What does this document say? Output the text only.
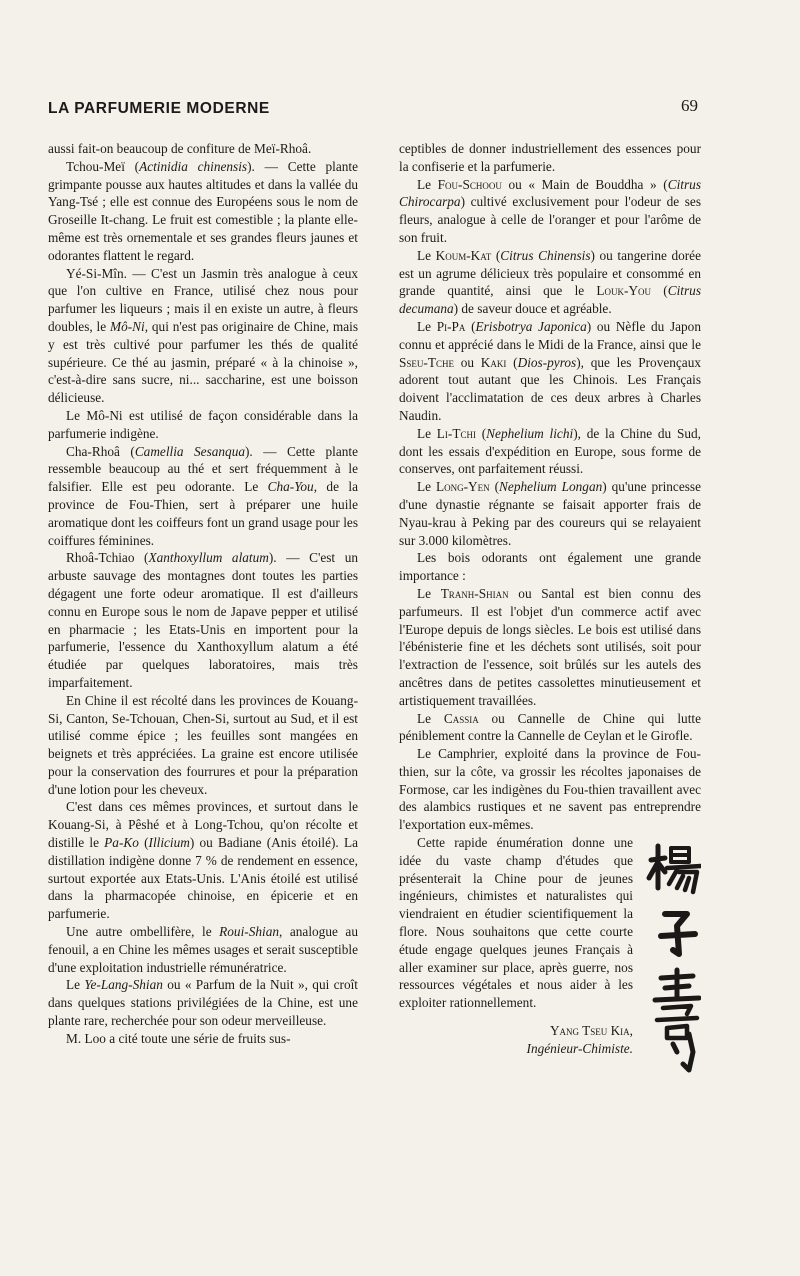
LA PARFUMERIE MODERNE	69

aussi fait-on beaucoup de confiture de Meï-Rhoâ.

Tchou-Meï (Actinidia chinensis). — Cette plante grimpante pousse aux hautes altitudes et dans la vallée du Yang-Tsé ; elle est connue des Européens sous le nom de Groseille It-chang. Le fruit est comestible ; la plante elle-même est très ornementale et ses grandes fleurs jaunes et odorantes flattent le regard.

Yé-Si-Mîn. — C'est un Jasmin très analogue à ceux que l'on cultive en France, utilisé chez nous pour parfumer les liqueurs ; mais il en existe un autre, à fleurs doubles, le Mô-Ni, qui n'est pas originaire de Chine, mais y est très cultivé pour parfumer les thés de qualité supérieure. Ce thé au jasmin, préparé « à la chinoise », c'est-à-dire sans sucre, ni... saccharine, est une boisson délicieuse.

Le Mô-Ni est utilisé de façon considérable dans la parfumerie indigène.

Cha-Rhoâ (Camellia Sesanqua). — Cette plante ressemble beaucoup au thé et sert fréquemment à le falsifier. Elle est peu odorante. Le Cha-You, de la province de Fou-Thien, sert à préparer une huile aromatique dont les coiffeurs font un grand usage pour les coiffures féminines.

Rhoâ-Tchiao (Xanthoxyllum alatum). — C'est un arbuste sauvage des montagnes dont toutes les parties dégagent une forte odeur aromatique. Il est d'ailleurs connu en Europe sous le nom de Japave pepper et utilisé en pharmacie ; les Etats-Unis en importent pour la parfumerie, l'essence du Xanthoxyllum alatum a été étudiée par quelques laboratoires, mais très imparfaitement.

En Chine il est récolté dans les provinces de Kouang-Si, Canton, Se-Tchouan, Chen-Si, surtout au Sud, et il est utilisé comme épice ; les feuilles sont mangées en beignets et très appréciées. La graine est encore utilisée pour la conservation des fourrures et pour la préparation d'une lotion pour les cheveux.

C'est dans ces mêmes provinces, et surtout dans le Kouang-Si, à Pêshé et à Long-Tchou, qu'on récolte et distille le Pa-Ko (Illicium) ou Badiane (Anis étoilé). La distillation indigène donne 7 % de rendement en essence, surtout exportée aux Etats-Unis. L'Anis étoilé est utilisé dans la pharmacopée chinoise, en épicerie et en parfumerie.

Une autre ombellifère, le Roui-Shian, analogue au fenouil, a en Chine les mêmes usages et serait susceptible d'une exploitation industrielle rémunératrice.

Le Ye-Lang-Shian ou « Parfum de la Nuit », qui croît dans quelques stations privilégiées de la Chine, est une plante rare, recherchée pour son odeur merveilleuse.

M. Loo a cité toute une série de fruits sus-

ceptibles de donner industriellement des essences pour la confiserie et la parfumerie.

Le Fou-Schoou ou « Main de Bouddha » (Citrus Chirocarpa) cultivé exclusivement pour l'odeur de ses fleurs, analogue à celle de l'oranger et pour l'arôme de son fruit.

Le Koum-Kat (Citrus Chinensis) ou tangerine dorée est un agrume délicieux très populaire et consommé en grande quantité, ainsi que le Louk-You (Citrus decumana) de saveur douce et agréable.

Le Pi-Pa (Erisbotrya Japonica) ou Nèfle du Japon connu et apprécié dans le Midi de la France, ainsi que le Sseu-Tche ou Kaki (Dios-pyros), que les Provençaux adorent tout autant que les Chinois. Les Français doivent l'acclimatation de ces deux arbres à Charles Naudin.

Le Li-Tchi (Nephelium lichi), de la Chine du Sud, dont les essais d'expédition en Europe, sous forme de conserves, ont parfaitement réussi.

Le Long-Yen (Nephelium Longan) qu'une princesse d'une dynastie régnante se faisait apporter frais de Nyau-krau à Peking par des coureurs qui se relayaient sur 3.000 kilomètres.

Les bois odorants ont également une grande importance :

Le Tranh-Shian ou Santal est bien connu des parfumeurs. Il est l'objet d'un commerce actif avec l'Europe depuis de longs siècles. Le bois est utilisé dans l'ébénisterie fine et les déchets sont utilisés, soit pour l'extraction de l'essence, soit brûlés sur les autels des ancêtres dans de petites cassolettes minutieusement et artistiquement travaillées.

Le Cassia ou Cannelle de Chine qui lutte péniblement contre la Cannelle de Ceylan et le Girofle.

Le Camphrier, exploité dans la province de Fou-thien, sur la côte, va grossir les récoltes japonaises de Formose, car les indigènes du Fou-thien travaillent avec des alambics rustiques et ne savent pas entreprendre l'exportation eux-mêmes.

Cette rapide énumération donne une idée du vaste champ d'études que présenterait la Chine pour de jeunes ingénieurs, chimistes et naturalistes qui viendraient en étudier scientifiquement la flore. Nous souhaitons que cette courte étude engage quelques jeunes Français à aller examiner sur place, après guerre, nos ressources végétales et nous aider à les exploiter rationnellement.

Yang Tseu Kia,
Ingénieur-Chimiste.
